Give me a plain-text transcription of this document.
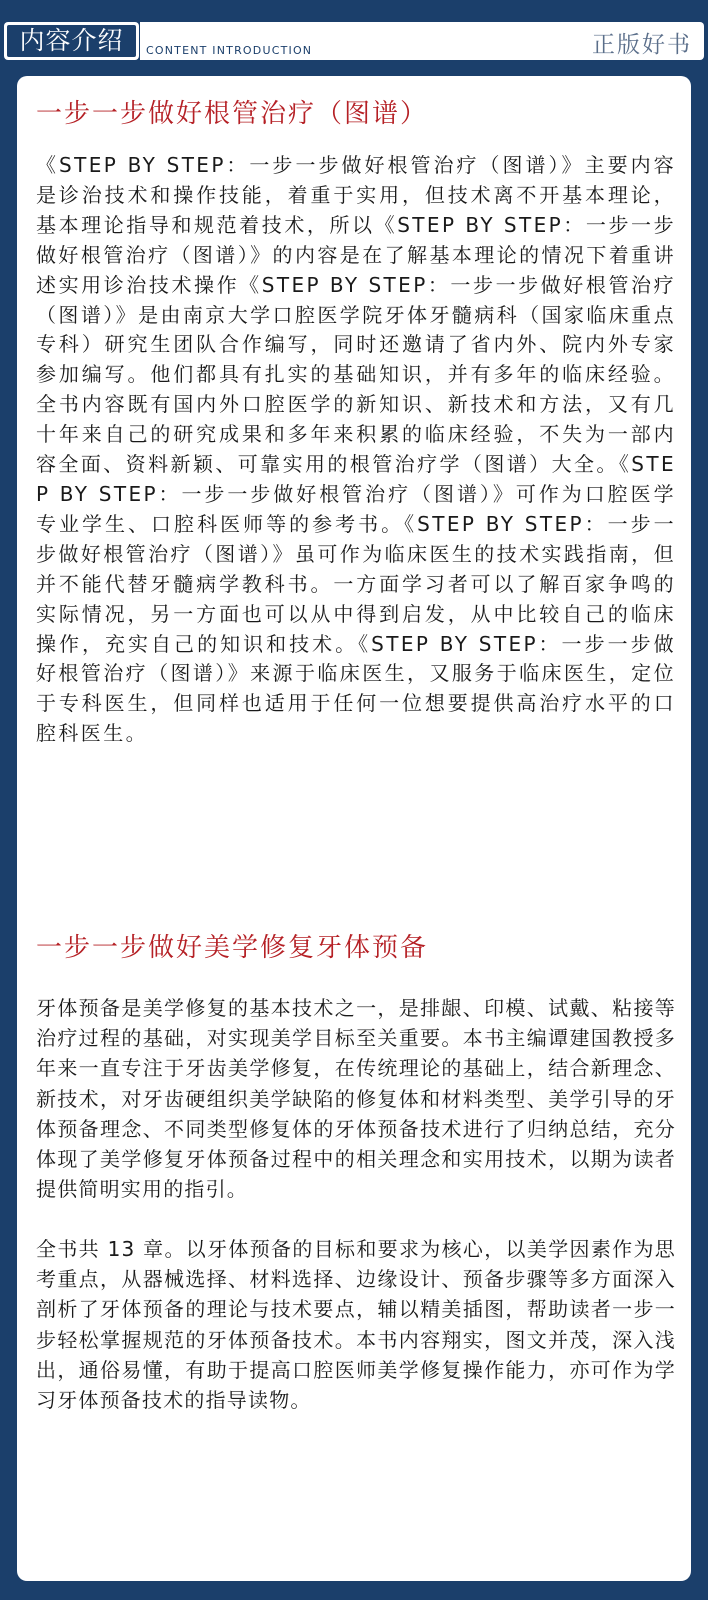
内容介绍	CONTENT INTRODUCTION	正版好书
一步一步做好根管治疗（图谱）
《STEP BY STEP：一步一步做好根管治疗（图谱）》主要内容是诊治技术和操作技能，着重于实用，但技术离不开基本理论，基本理论指导和规范着技术，所以《STEP BY STEP：一步一步做好根管治疗（图谱）》的内容是在了解基本理论的情况下着重讲述实用诊治技术操作《STEP BY STEP：一步一步做好根管治疗（图谱）》是由南京大学口腔医学院牙体牙髓病科（国家临床重点专科）研究生团队合作编写，同时还邀请了省内外、院内外专家参加编写。他们都具有扎实的基础知识，并有多年的临床经验。全书内容既有国内外口腔医学的新知识、新技术和方法，又有几十年来自己的研究成果和多年来积累的临床经验，不失为一部内容全面、资料新颖、可靠实用的根管治疗学（图谱）大全。《STEP BY STEP：一步一步做好根管治疗（图谱）》可作为口腔医学专业学生、口腔科医师等的参考书。《STEP BY STEP：一步一步做好根管治疗（图谱）》虽可作为临床医生的技术实践指南，但并不能代替牙髓病学教科书。一方面学习者可以了解百家争鸣的实际情况，另一方面也可以从中得到启发，从中比较自己的临床操作，充实自己的知识和技术。《STEP BY STEP：一步一步做好根管治疗（图谱）》来源于临床医生，又服务于临床医生，定位于专科医生，但同样也适用于任何一位想要提供高治疗水平的口腔科医生。
一步一步做好美学修复牙体预备
牙体预备是美学修复的基本技术之一，是排龈、印模、试戴、粘接等治疗过程的基础，对实现美学目标至关重要。本书主编谭建国教授多年来一直专注于牙齿美学修复，在传统理论的基础上，结合新理念、新技术，对牙齿硬组织美学缺陷的修复体和材料类型、美学引导的牙体预备理念、不同类型修复体的牙体预备技术进行了归纳总结，充分体现了美学修复牙体预备过程中的相关理念和实用技术，以期为读者提供简明实用的指引。
全书共 13 章。以牙体预备的目标和要求为核心，以美学因素作为思考重点，从器械选择、材料选择、边缘设计、预备步骤等多方面深入剖析了牙体预备的理论与技术要点，辅以精美插图，帮助读者一步一步轻松掌握规范的牙体预备技术。本书内容翔实，图文并茂，深入浅出，通俗易懂，有助于提高口腔医师美学修复操作能力，亦可作为学习牙体预备技术的指导读物。
